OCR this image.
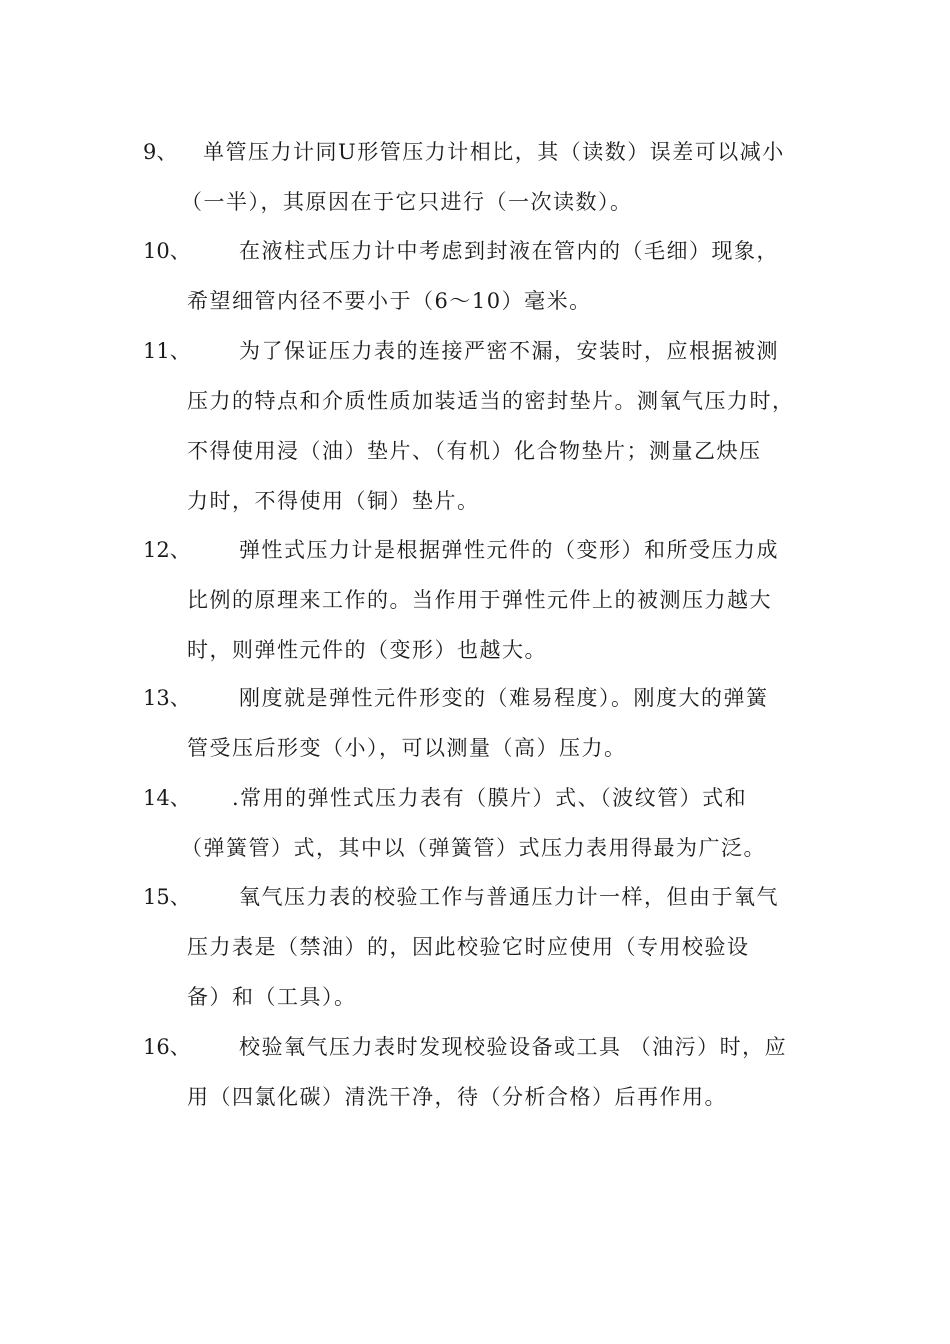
9、 单管压力计同U形管压力计相比，其（读数）误差可以减小
（一半），其原因在于它只进行（一次读数）。
10、 在液柱式压力计中考虑到封液在管内的（毛细）现象，
希望细管内径不要小于（6～10）毫米。
11、 为了保证压力表的连接严密不漏，安装时，应根据被测
压力的特点和介质性质加装适当的密封垫片。测氧气压力时，
不得使用浸（油）垫片、（有机）化合物垫片；测量乙炔压
力时，不得使用（铜）垫片。
12、 弹性式压力计是根据弹性元件的（变形）和所受压力成
比例的原理来工作的。当作用于弹性元件上的被测压力越大
时，则弹性元件的（变形）也越大。
13、 刚度就是弹性元件形变的（难易程度）。刚度大的弹簧
管受压后形变（小），可以测量（高）压力。
14、 .常用的弹性式压力表有（膜片）式、（波纹管）式和
（弹簧管）式，其中以（弹簧管）式压力表用得最为广泛。
15、 氧气压力表的校验工作与普通压力计一样，但由于氧气
压力表是（禁油）的，因此校验它时应使用（专用校验设
备）和（工具）。
16、 校验氧气压力表时发现校验设备或工具 （油污）时，应
用（四氯化碳）清洗干净，待（分析合格）后再作用。
